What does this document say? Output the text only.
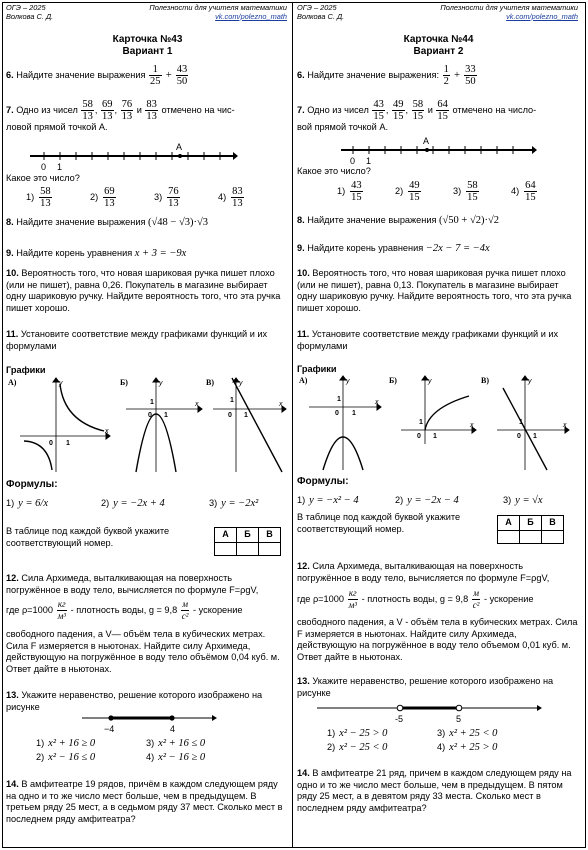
ОГЭ – 2025
Волкова С. Д.
Полезности для учителя математики
vk.com/polezno_math
Карточка №43
Вариант 1
6. Найдите значение выражения $\frac{1}{25} + \frac{43}{50}$
7. Одно из чисел $\frac{58}{13}$ , $\frac{69}{13}$ , $\frac{76}{13}$ и $\frac{83}{13}$ отмечено на чис-
ловой прямой точкой А.
0 1
A
Какое это число?
$1) \frac{58}{13}$	$2) \frac{69}{13}$	$3) \frac{76}{13}$	$4) \frac{83}{13}$
8. Найдите значение выражения (√48 − √3)·√3
9. Найдите корень уравнения x + 3 = −9x
10. Вероятность того, что новая шариковая ручка пишет плохо (или не пишет), равна 0,26. Покупатель в магазине выбирает одну шариковую ручку. Найдите вероятность того, что эта ручка пишет хорошо.
11. Установите соответствие между графиками функций и их формулами
Графики
А)
0 1
x
y	Б)
0 1
1	x
y	В)
0 1
1
x
y
Формулы:
1) y = 6/x	2) y = −2x + 4	3) y = −2x²
В таблице под каждой буквой укажите соответствующий номер.
А	Б	В

12. Сила Архимеда, выталкивающая на поверхность погружённое в воду тело, вычисляется по формуле F=ρgV,
где $\rho=1000 \frac{кг}{\text{м³}}$ - плотность воды, $g = 9,8 \frac{м}{\text{с²}}$ - ускорение
свободного падения, а V— объём тела в кубических метрах. Сила F измеряется в ньютонах. Найдите силу Архимеда, действующую на погружённое в воду тело объёмом 0,04 куб. м. Ответ дайте в ньютонах.
13. Укажите неравенство, решение которого изображено на рисунке
−4	4
1) x² + 16 ≥ 0	3) x² + 16 ≤ 0
2) x² − 16 ≤ 0	4) x² − 16 ≥ 0
14. В амфитеатре 19 рядов, причём в каждом следующем ряду на одно и то же число мест больше, чем в предыдущем. В третьем ряду 25 мест, а в седьмом ряду 37 мест. Сколько мест в последнем ряду амфитеатра?
ОГЭ – 2025
Волкова С. Д.
Полезности для учителя математики
vk.com/polezno_math
Карточка №44
Вариант 2
6. Найдите значение выражения: $\frac{1}{2} + \frac{33}{50}$
7. Одно из чисел $\frac{43}{15}$ , $\frac{49}{15}$ , $\frac{58}{15}$ и $\frac{64}{15}$ отмечено на число-
вой прямой точкой А.
0 1
A
Какое это число?
$1) \frac{43}{15}$	$2) \frac{49}{15}$	$3) \frac{58}{15}$	$4) \frac{64}{15}$
8. Найдите значение выражения (√50 + √2)·√2
9. Найдите корень уравнения −2x − 7 = −4x
10. Вероятность того, что новая шариковая ручка пишет плохо (или не пишет), равна 0,13. Покупатель в магазине выбирает одну шариковую ручку. Найдите вероятность того, что эта ручка пишет хорошо.
11. Установите соответствие между графиками функций и их формулами
Графики
А)
0 1
1	x
y	Б)
0 1
1	x
y	В)
0 1
1	x
y
Формулы:
1) y = −x² − 4	2) y = −2x − 4	3) y = √x
В таблице под каждой буквой укажите соответствующий номер.
А	Б	В

12. Сила Архимеда, выталкивающая на поверхность погружённое в воду тело, вычисляется по формуле F=ρgV,
где $\rho=1000 \frac{кг}{\text{м³}}$ - плотность воды, $g = 9,8 \frac{м}{\text{с²}}$ - ускорение
свободного падения, а V - объём тела в кубических метрах. Сила F измеряется в ньютонах. Найдите силу Архимеда, действующую на погружённое в воду тело объемом 0,01 куб. м. Ответ дайте в ньютонах.
13. Укажите неравенство, решение которого изображено на рисунке
-5	5
1) x² − 25 > 0	3) x² + 25 < 0
2) x² − 25 < 0	4) x² + 25 > 0
14. В амфитеатре 21 ряд, причем в каждом следующем ряду на одно и то же число мест больше, чем в предыдущем. В пятом ряду 25 мест, а в девятом ряду 33 места. Сколько мест в последнем ряду амфитеатра?
